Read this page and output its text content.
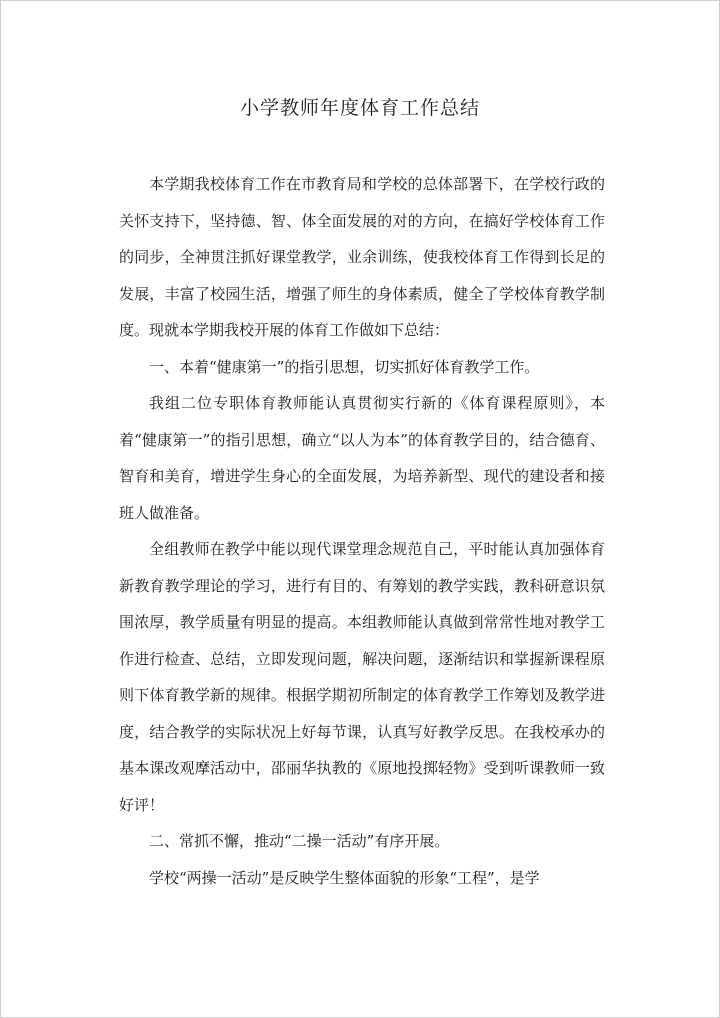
小学教师年度体育工作总结

本学期我校体育工作在市教育局和学校的总体部署下，在学校行政的关怀支持下，坚持德、智、体全面发展的对的方向，在搞好学校体育工作的同步，全神贯注抓好课堂教学，业余训练，使我校体育工作得到长足的发展，丰富了校园生活，增强了师生的身体素质，健全了学校体育教学制度。现就本学期我校开展的体育工作做如下总结：

一、本着“健康第一”的指引思想，切实抓好体育教学工作。

我组二位专职体育教师能认真贯彻实行新的《体育课程原则》，本着“健康第一”的指引思想，确立“以人为本”的体育教学目的，结合德育、智育和美育，增进学生身心的全面发展，为培养新型、现代的建设者和接班人做准备。

全组教师在教学中能以现代课堂理念规范自己，平时能认真加强体育新教育教学理论的学习，进行有目的、有筹划的教学实践，教科研意识氛围浓厚，教学质量有明显的提高。本组教师能认真做到常常性地对教学工作进行检查、总结，立即发现问题，解决问题，逐渐结识和掌握新课程原则下体育教学新的规律。根据学期初所制定的体育教学工作筹划及教学进度，结合教学的实际状况上好每节课，认真写好教学反思。在我校承办的基本课改观摩活动中，邵丽华执教的《原地投掷轻物》受到听课教师一致好评！

二、常抓不懈，推动“二操一活动”有序开展。

学校“两操一活动”是反映学生整体面貌的形象“工程”，是学
